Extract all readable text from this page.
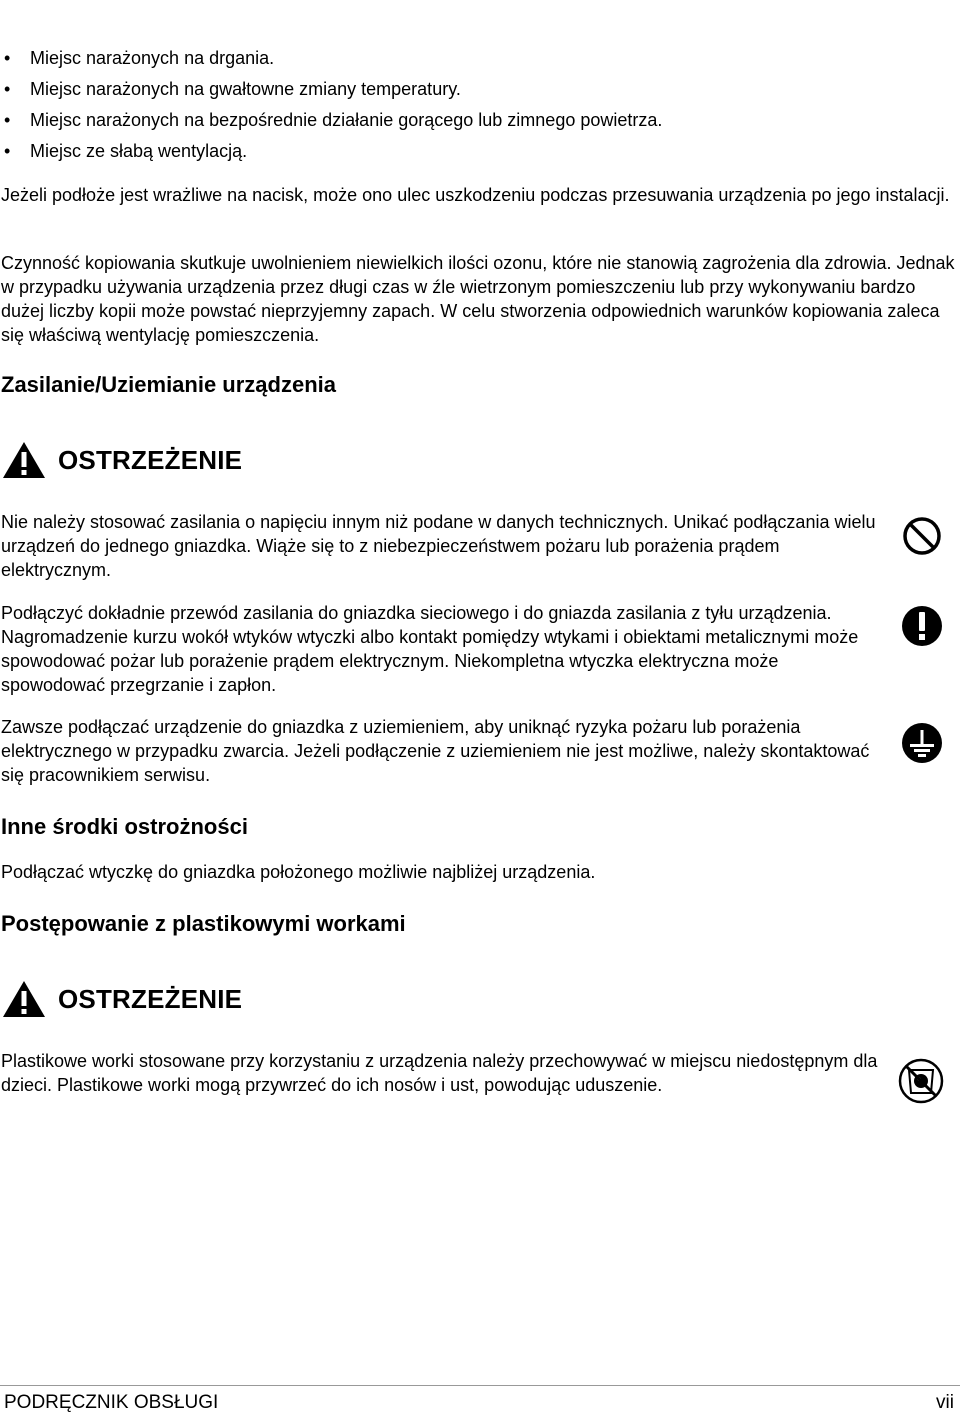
• Miejsc narażonych na drgania.
• Miejsc narażonych na gwałtowne zmiany temperatury.
• Miejsc narażonych na bezpośrednie działanie gorącego lub zimnego powietrza.
• Miejsc ze słabą wentylacją.

Jeżeli podłoże jest wrażliwe na nacisk, może ono ulec uszkodzeniu podczas przesuwania urządzenia po jego instalacji.

Czynność kopiowania skutkuje uwolnieniem niewielkich ilości ozonu, które nie stanowią zagrożenia dla zdrowia. Jednak w przypadku używania urządzenia przez długi czas w źle wietrzonym pomieszczeniu lub przy wykonywaniu bardzo dużej liczby kopii może powstać nieprzyjemny zapach. W celu stworzenia odpowiednich warunków kopiowania zaleca się właściwą wentylację pomieszczenia.

Zasilanie/Uziemianie urządzenia
OSTRZEŻENIE

Nie należy stosować zasilania o napięciu innym niż podane w danych technicznych. Unikać podłączania wielu urządzeń do jednego gniazdka. Wiąże się to z niebezpieczeństwem pożaru lub porażenia prądem elektrycznym.

Podłączyć dokładnie przewód zasilania do gniazdka sieciowego i do gniazda zasilania z tyłu urządzenia. Nagromadzenie kurzu wokół wtyków wtyczki albo kontakt pomiędzy wtykami i obiektami metalicznymi może spowodować pożar lub porażenie prądem elektrycznym. Niekompletna wtyczka elektryczna może spowodować przegrzanie i zapłon.

Zawsze podłączać urządzenie do gniazdka z uziemieniem, aby uniknąć ryzyka pożaru lub porażenia elektrycznego w przypadku zwarcia. Jeżeli podłączenie z uziemieniem nie jest możliwe, należy skontaktować się pracownikiem serwisu.

Inne środki ostrożności

Podłączać wtyczkę do gniazdka położonego możliwie najbliżej urządzenia.

Postępowanie z plastikowymi workami
OSTRZEŻENIE

Plastikowe worki stosowane przy korzystaniu z urządzenia należy przechowywać w miejscu niedostępnym dla dzieci. Plastikowe worki mogą przywrzeć do ich nosów i ust, powodując uduszenie.

PODRĘCZNIK OBSŁUGI	vii
